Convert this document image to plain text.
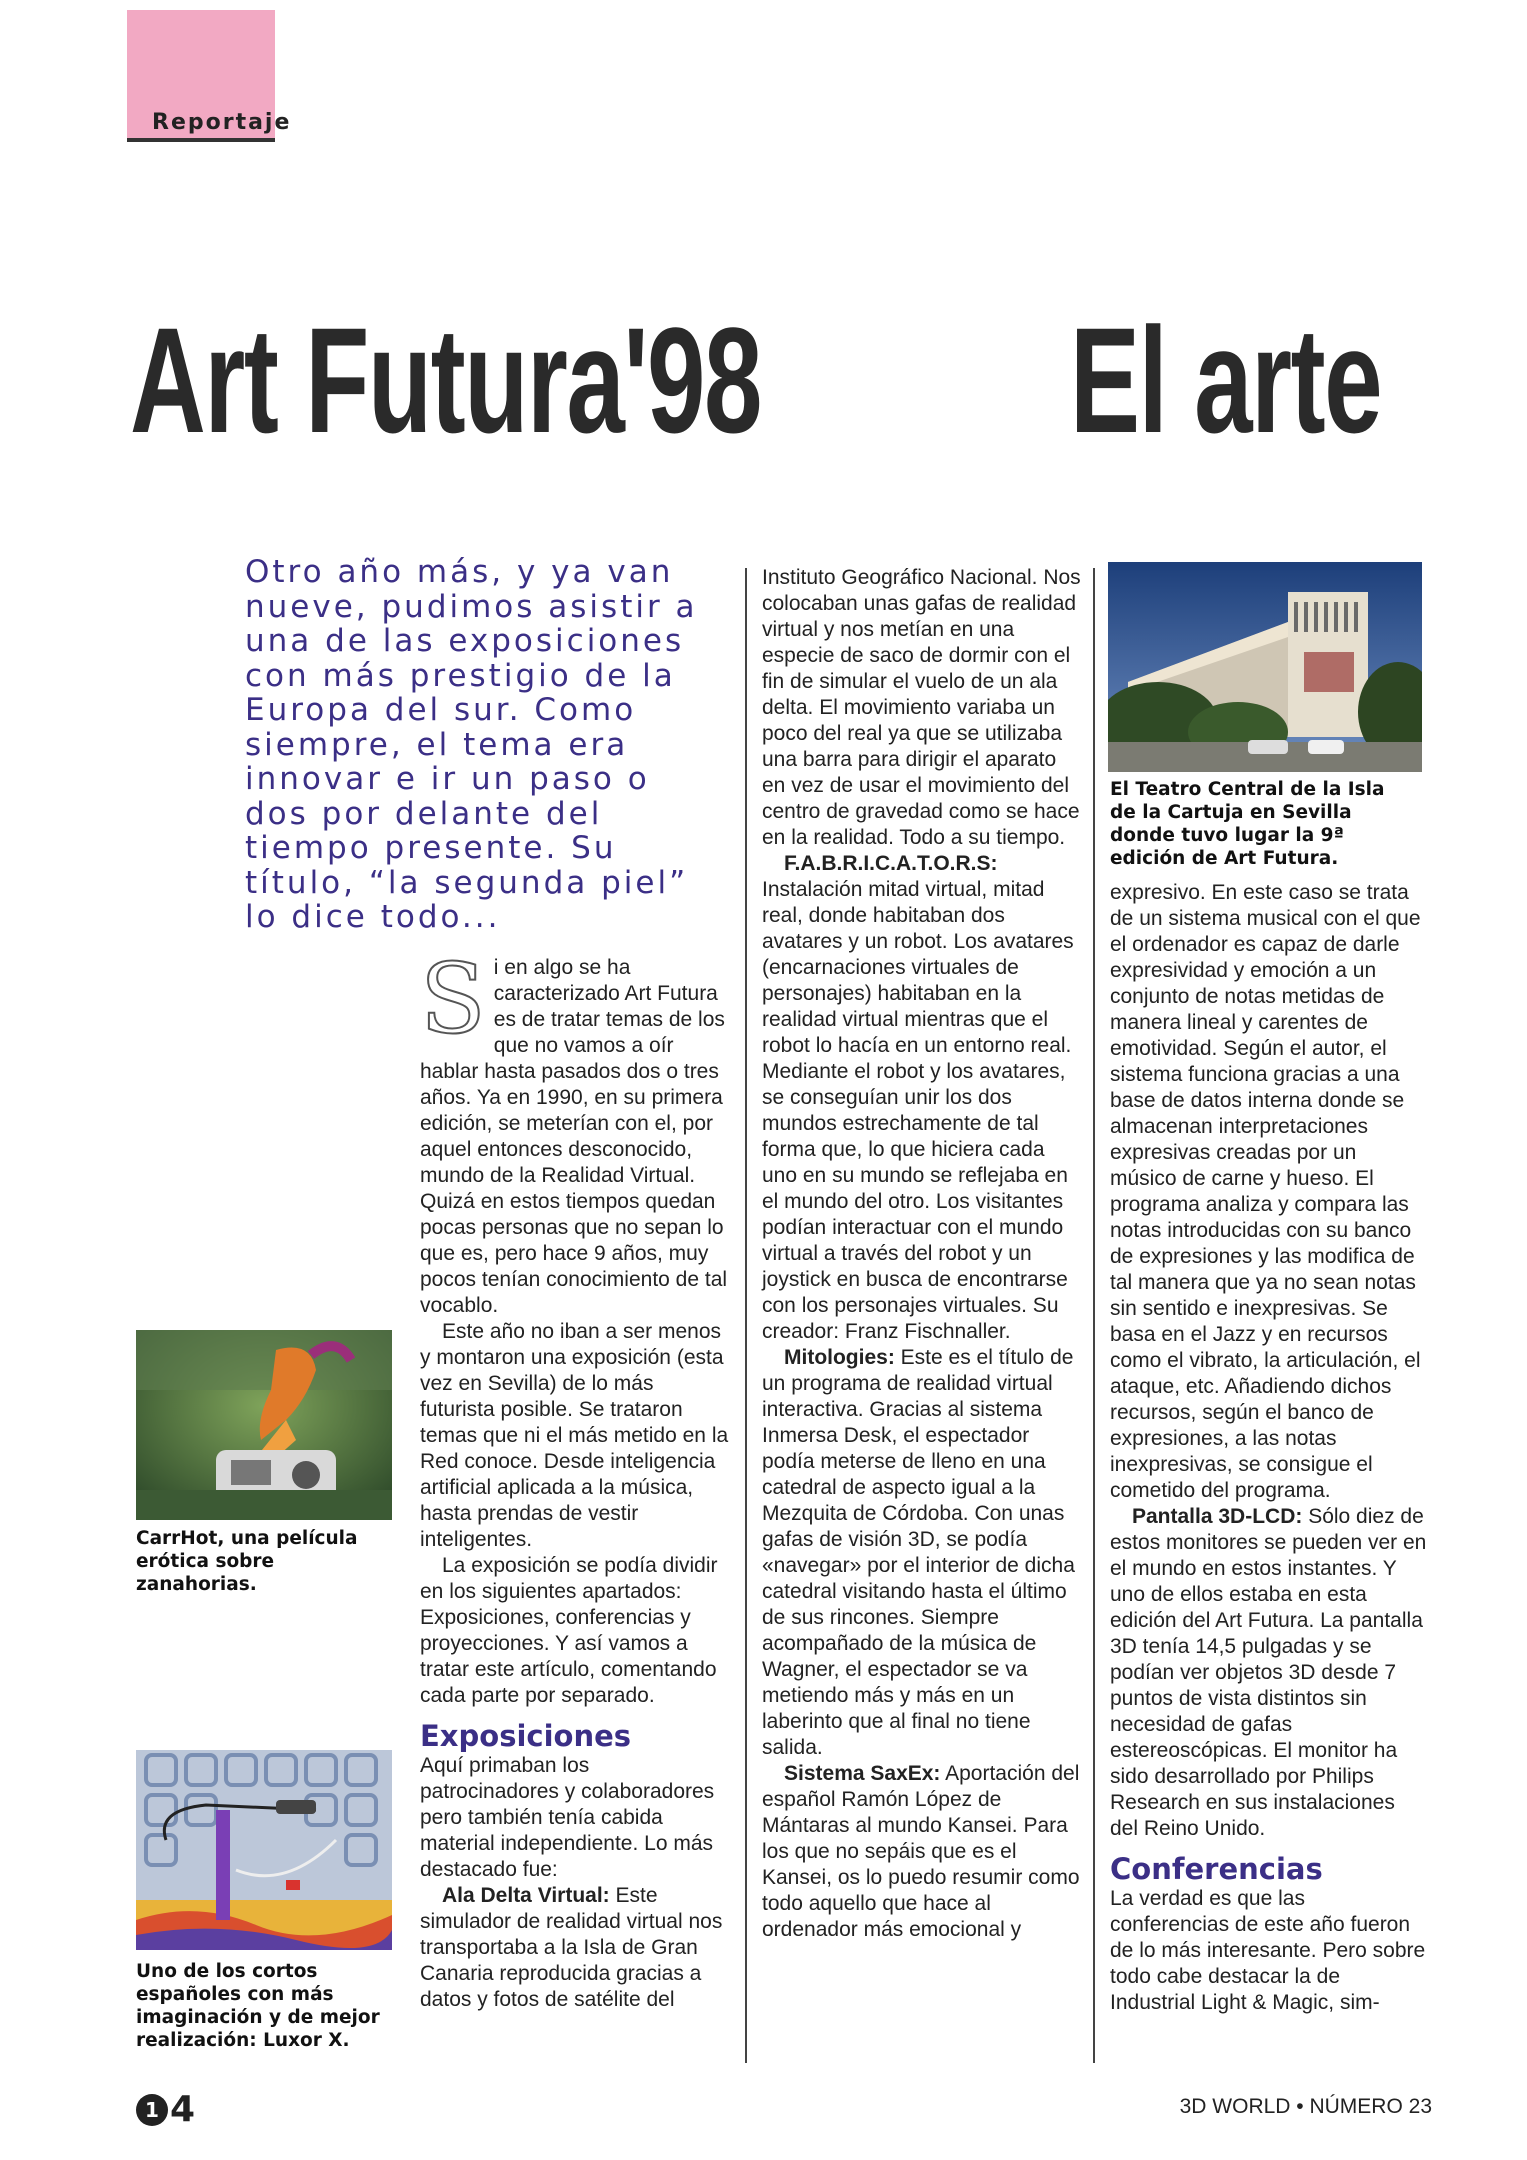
Reportaje
Art Futura'98 El arte
Otro año más, y ya van nueve, pudimos asistir a una de las exposiciones con más prestigio de la Europa del sur. Como siempre, el tema era innovar e ir un paso o dos por delante del tiempo presente. Su título, “la segunda piel” lo dice todo...
CarrHot, una película erótica sobre zanahorias.
Uno de los cortos españoles con más imaginación y de mejor realización: Luxor X.

Si en algo se ha caracterizado Art Futura es de tratar temas de los que no vamos a oír hablar hasta pasados dos o tres años. Ya en 1990, en su primera edición, se meterían con el, por aquel entonces desconocido, mundo de la Realidad Virtual. Quizá en estos tiempos quedan pocas personas que no sepan lo que es, pero hace 9 años, muy pocos tenían conocimiento de tal vocablo.

Este año no iban a ser menos y montaron una exposición (esta vez en Sevilla) de lo más futurista posible. Se trataron temas que ni el más metido en la Red conoce. Desde inteligencia artificial aplicada a la música, hasta prendas de vestir inteligentes.

La exposición se podía dividir en los siguientes apartados: Exposiciones, conferencias y proyecciones. Y así vamos a tratar este artículo, comentando cada parte por separado.

Exposiciones

Aquí primaban los patrocinadores y colaboradores pero también tenía cabida material independiente. Lo más destacado fue:

Ala Delta Virtual: Este simulador de realidad virtual nos transportaba a la Isla de Gran Canaria reproducida gracias a datos y fotos de satélite del

Instituto Geográfico Nacional. Nos colocaban unas gafas de realidad virtual y nos metían en una especie de saco de dormir con el fin de simular el vuelo de un ala delta. El movimiento variaba un poco del real ya que se utilizaba una barra para dirigir el aparato en vez de usar el movimiento del centro de gravedad como se hace en la realidad. Todo a su tiempo.

F.A.B.R.I.C.A.T.O.R.S: Instalación mitad virtual, mitad real, donde habitaban dos avatares y un robot. Los avatares (encarnaciones virtuales de personajes) habitaban en la realidad virtual mientras que el robot lo hacía en un entorno real. Mediante el robot y los avatares, se conseguían unir los dos mundos estrechamente de tal forma que, lo que hiciera cada uno en su mundo se reflejaba en el mundo del otro. Los visitantes podían interactuar con el mundo virtual a través del robot y un joystick en busca de encontrarse con los personajes virtuales. Su creador: Franz Fischnaller.

Mitologies: Este es el título de un programa de realidad virtual interactiva. Gracias al sistema Inmersa Desk, el espectador podía meterse de lleno en una catedral de aspecto igual a la Mezquita de Córdoba. Con unas gafas de visión 3D, se podía «navegar» por el interior de dicha catedral visitando hasta el último de sus rincones. Siempre acompañado de la música de Wagner, el espectador se va metiendo más y más en un laberinto que al final no tiene salida.

Sistema SaxEx: Aportación del español Ramón López de Mántaras al mundo Kansei. Para los que no sepáis que es el Kansei, os lo puedo resumir como todo aquello que hace al ordenador más emocional y

El Teatro Central de la Isla de la Cartuja en Sevilla donde tuvo lugar la 9ª edición de Art Futura.

expresivo. En este caso se trata de un sistema musical con el que el ordenador es capaz de darle expresividad y emoción a un conjunto de notas metidas de manera lineal y carentes de emotividad. Según el autor, el sistema funciona gracias a una base de datos interna donde se almacenan interpretaciones expresivas creadas por un músico de carne y hueso. El programa analiza y compara las notas introducidas con su banco de expresiones y las modifica de tal manera que ya no sean notas sin sentido e inexpresivas. Se basa en el Jazz y en recursos como el vibrato, la articulación, el ataque, etc. Añadiendo dichos recursos, según el banco de expresiones, a las notas inexpresivas, se consigue el cometido del programa.

Pantalla 3D-LCD: Sólo diez de estos monitores se pueden ver en el mundo en estos instantes. Y uno de ellos estaba en esta edición del Art Futura. La pantalla 3D tenía 14,5 pulgadas y se podían ver objetos 3D desde 7 puntos de vista distintos sin necesidad de gafas estereoscópicas. El monitor ha sido desarrollado por Philips Research en sus instalaciones del Reino Unido.

Conferencias

La verdad es que las conferencias de este año fueron de lo más interesante. Pero sobre todo cabe destacar la de Industrial Light & Magic, sim-

1 4	3D WORLD • NÚMERO 23
